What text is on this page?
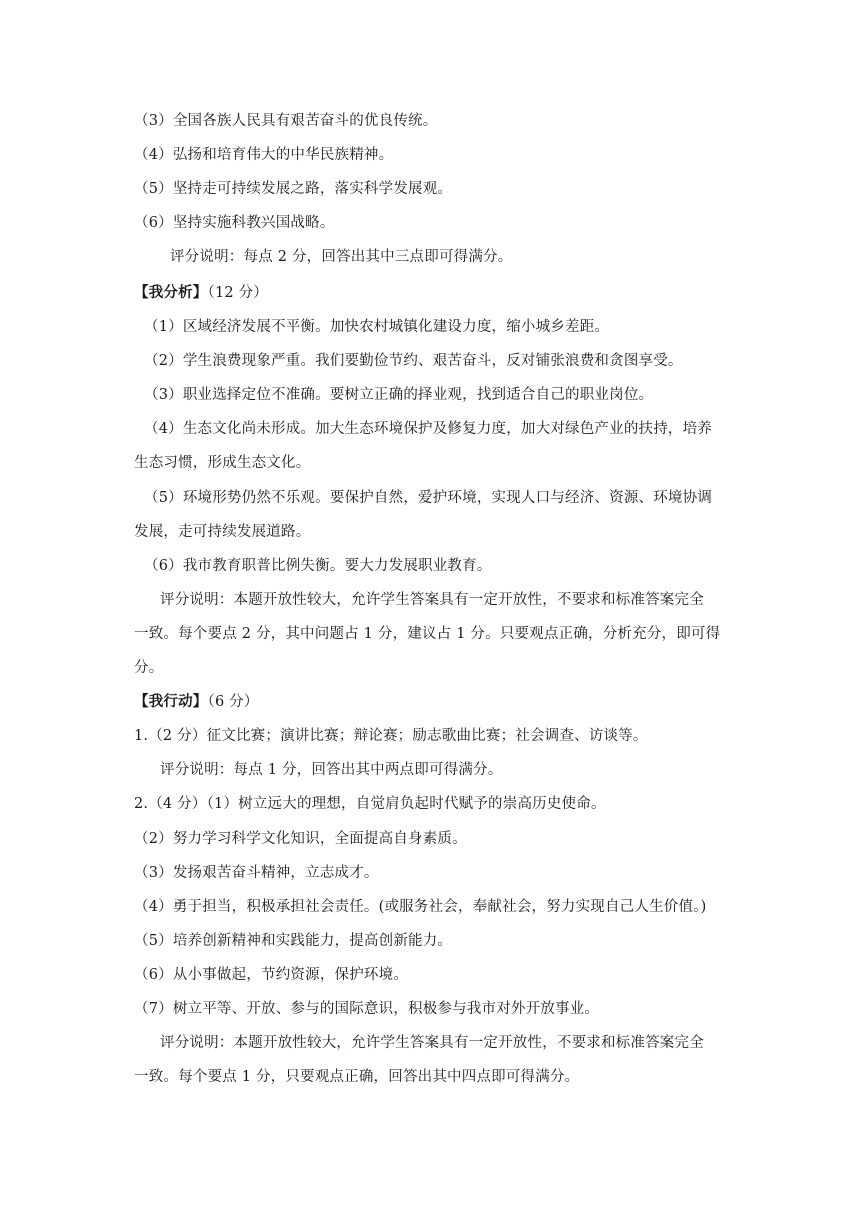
（3）全国各族人民具有艰苦奋斗的优良传统。
（4）弘扬和培育伟大的中华民族精神。
（5）坚持走可持续发展之路，落实科学发展观。
（6）坚持实施科教兴国战略。
评分说明：每点 2 分，回答出其中三点即可得满分。
【我分析】（12 分）
（1）区域经济发展不平衡。加快农村城镇化建设力度，缩小城乡差距。
（2）学生浪费现象严重。我们要勤俭节约、艰苦奋斗，反对铺张浪费和贪图享受。
（3）职业选择定位不准确。要树立正确的择业观，找到适合自己的职业岗位。
（4）生态文化尚未形成。加大生态环境保护及修复力度，加大对绿色产业的扶持，培养
生态习惯，形成生态文化。
（5）环境形势仍然不乐观。要保护自然，爱护环境，实现人口与经济、资源、环境协调
发展，走可持续发展道路。
（6）我市教育职普比例失衡。要大力发展职业教育。
评分说明：本题开放性较大，允许学生答案具有一定开放性，不要求和标准答案完全
一致。每个要点 2 分，其中问题占 1 分，建议占 1 分。只要观点正确，分析充分，即可得
分。
【我行动】（6 分）
1.（2 分）征文比赛；演讲比赛；辩论赛；励志歌曲比赛；社会调查、访谈等。
评分说明：每点 1 分，回答出其中两点即可得满分。
2.（4 分）（1）树立远大的理想，自觉肩负起时代赋予的崇高历史使命。
（2）努力学习科学文化知识，全面提高自身素质。
（3）发扬艰苦奋斗精神，立志成才。
（4）勇于担当，积极承担社会责任。(或服务社会，奉献社会，努力实现自己人生价值。)
（5）培养创新精神和实践能力，提高创新能力。
（6）从小事做起，节约资源，保护环境。
（7）树立平等、开放、参与的国际意识，积极参与我市对外开放事业。
评分说明：本题开放性较大，允许学生答案具有一定开放性，不要求和标准答案完全
一致。每个要点 1 分，只要观点正确，回答出其中四点即可得满分。
